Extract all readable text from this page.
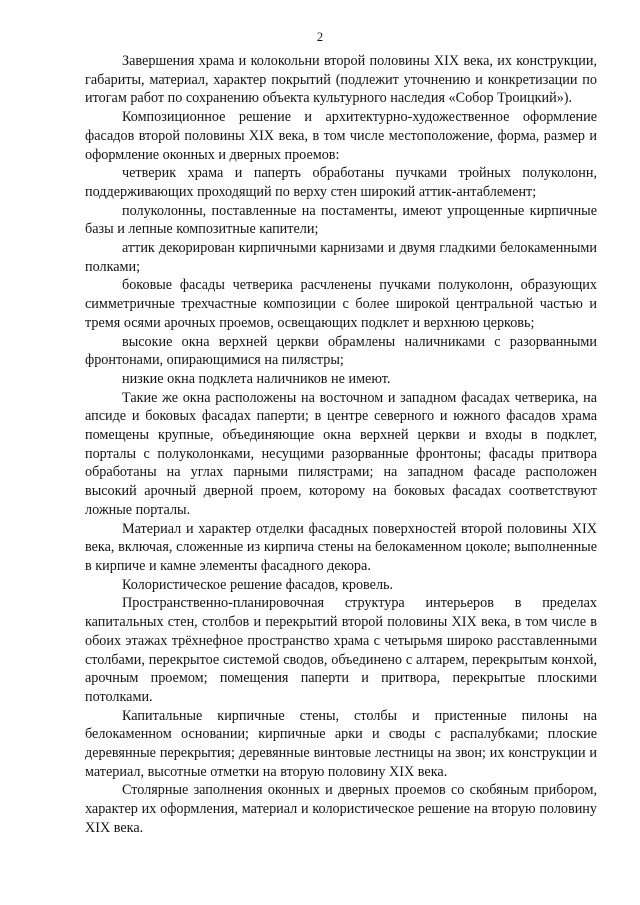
2

Завершения храма и колокольни второй половины XIX века, их конструкции, габариты, материал, характер покрытий (подлежит уточнению и конкретизации по итогам работ по сохранению объекта культурного наследия «Собор Троицкий»).

Композиционное решение и архитектурно-художественное оформление фасадов второй половины XIX века, в том числе местоположение, форма, размер и оформление оконных и дверных проемов:

четверик храма и паперть обработаны пучками тройных полуколонн, поддерживающих проходящий по верху стен широкий аттик-антаблемент;

полуколонны, поставленные на постаменты, имеют упрощенные кирпичные базы и лепные композитные капители;

аттик декорирован кирпичными карнизами и двумя гладкими белокаменными полками;

боковые фасады четверика расчленены пучками полуколонн, образующих симметричные трехчастные композиции с более широкой центральной частью и тремя осями арочных проемов, освещающих подклет и верхнюю церковь;

высокие окна верхней церкви обрамлены наличниками с разорванными фронтонами, опирающимися на пилястры;

низкие окна подклета наличников не имеют.

Такие же окна расположены на восточном и западном фасадах четверика, на апсиде и боковых фасадах паперти; в центре северного и южного фасадов храма помещены крупные, объединяющие окна верхней церкви и входы в подклет, порталы с полуколонками, несущими разорванные фронтоны; фасады притвора обработаны на углах парными пилястрами; на западном фасаде расположен высокий арочный дверной проем, которому на боковых фасадах соответствуют ложные порталы.

Материал и характер отделки фасадных поверхностей второй половины XIX века, включая, сложенные из кирпича стены на белокаменном цоколе; выполненные в кирпиче и камне элементы фасадного декора.

Колористическое решение фасадов, кровель.

Пространственно-планировочная структура интерьеров в пределах капитальных стен, столбов и перекрытий второй половины XIX века, в том числе в обоих этажах трёхнефное пространство храма с четырьмя широко расставленными столбами, перекрытое системой сводов, объединено с алтарем, перекрытым конхой, арочным проемом; помещения паперти и притвора, перекрытые плоскими потолками.

Капитальные кирпичные стены, столбы и пристенные пилоны на белокаменном основании; кирпичные арки и своды с распалубками; плоские деревянные перекрытия; деревянные винтовые лестницы на звон; их конструкции и материал, высотные отметки на вторую половину XIX века.

Столярные заполнения оконных и дверных проемов со скобяным прибором, характер их оформления, материал и колористическое решение на вторую половину XIX века.
